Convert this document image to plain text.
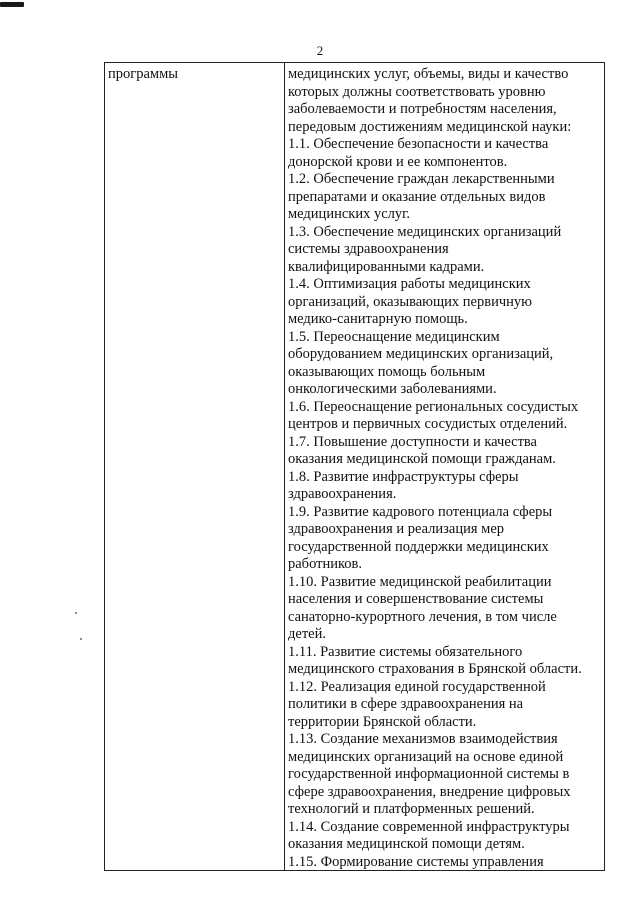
2
программы	медицинских услуг, объемы, виды и качество
которых должны соответствовать уровню
заболеваемости и потребностям населения,
передовым достижениям медицинской науки:
1.1. Обеспечение безопасности и качества
донорской крови и ее компонентов.
1.2. Обеспечение граждан лекарственными
препаратами и оказание отдельных видов
медицинских услуг.
1.3. Обеспечение медицинских организаций
системы здравоохранения
квалифицированными кадрами.
1.4. Оптимизация работы медицинских
организаций, оказывающих первичную
медико-санитарную помощь.
1.5. Переоснащение медицинским
оборудованием медицинских организаций,
оказывающих помощь больным
онкологическими заболеваниями.
1.6. Переоснащение региональных сосудистых
центров и первичных сосудистых отделений.
1.7. Повышение доступности и качества
оказания медицинской помощи гражданам.
1.8. Развитие инфраструктуры сферы
здравоохранения.
1.9. Развитие кадрового потенциала сферы
здравоохранения и реализация мер
государственной поддержки медицинских
работников.
1.10. Развитие медицинской реабилитации
населения и совершенствование системы
санаторно-курортного лечения, в том числе
детей.
1.11. Развитие системы обязательного
медицинского страхования в Брянской области.
1.12. Реализация единой государственной
политики в сфере здравоохранения на
территории Брянской области.
1.13. Создание механизмов взаимодействия
медицинских организаций на основе единой
государственной информационной системы в
сфере здравоохранения, внедрение цифровых
технологий и платформенных решений.
1.14. Создание современной инфраструктуры
оказания медицинской помощи детям.
1.15. Формирование системы управления
